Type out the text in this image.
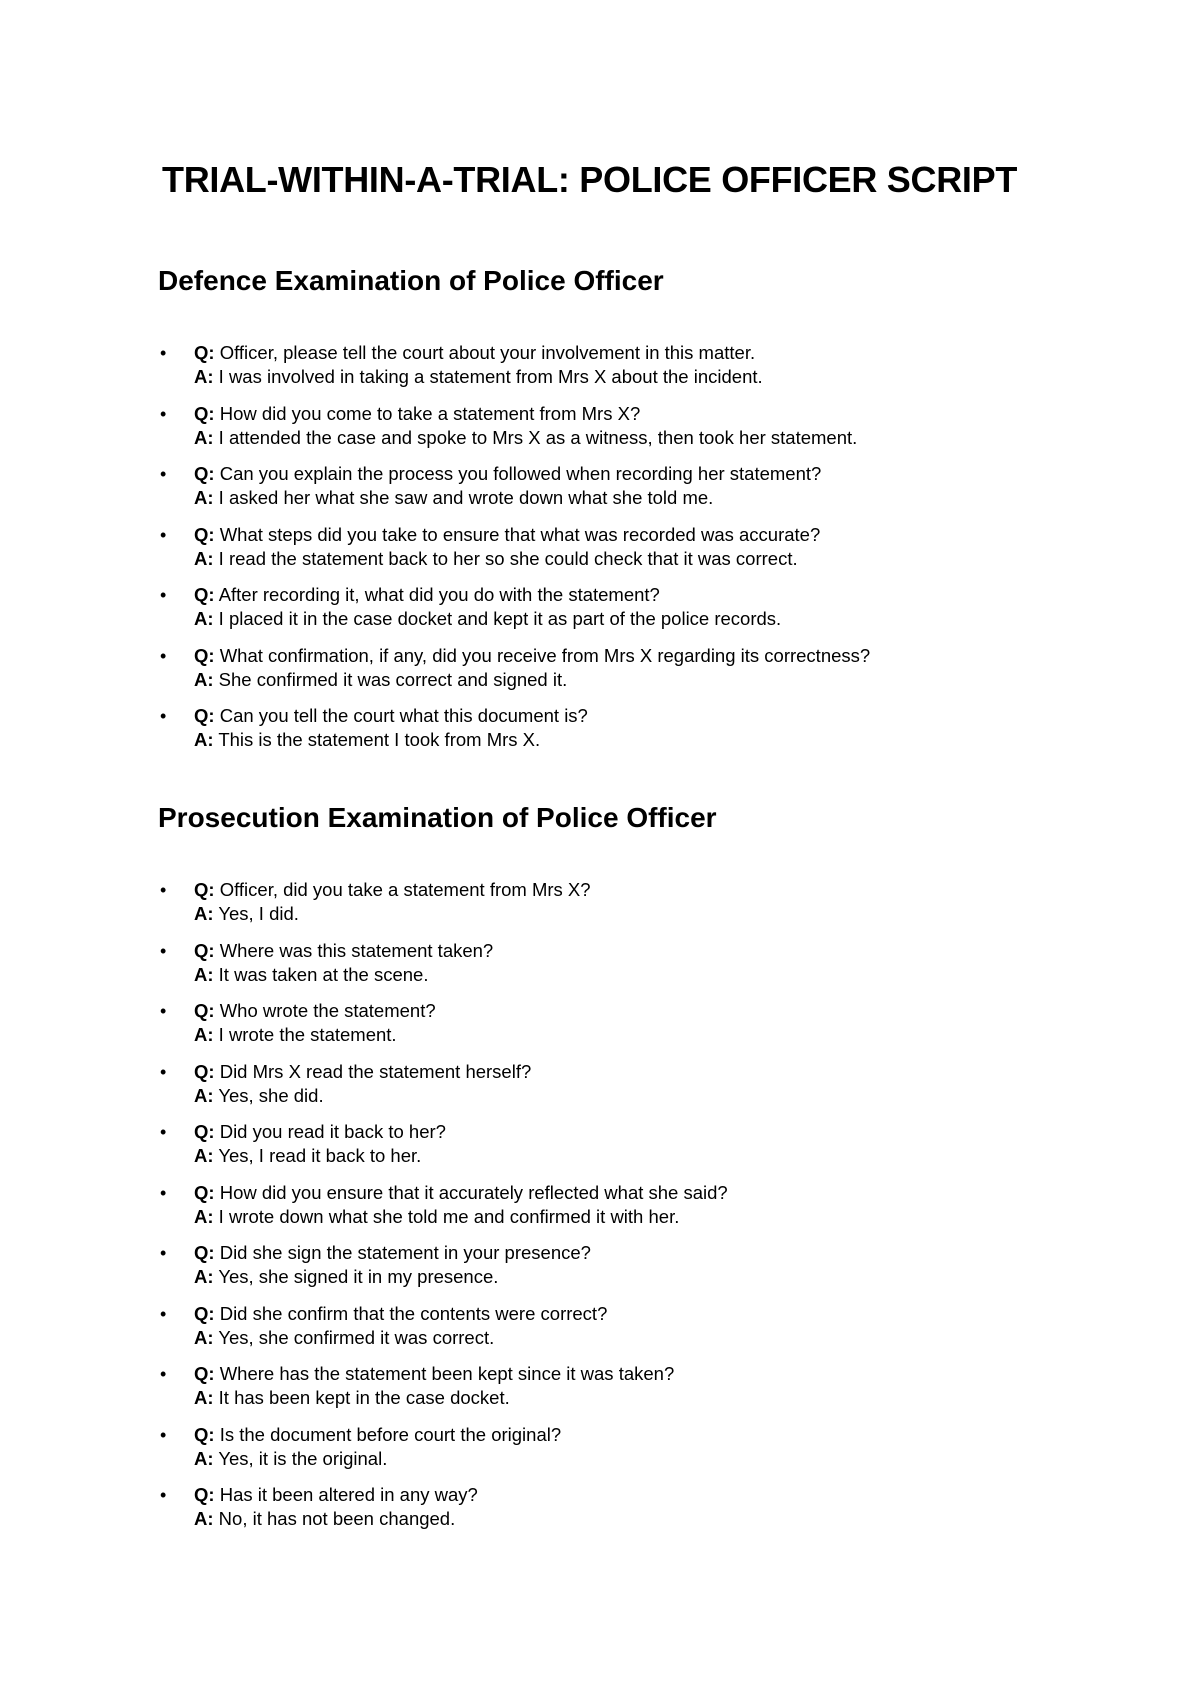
TRIAL-WITHIN-A-TRIAL: POLICE OFFICER SCRIPT
Defence Examination of Police Officer
•	Q: Officer, please tell the court about your involvement in this matter.
A: I was involved in taking a statement from Mrs X about the incident.
•	Q: How did you come to take a statement from Mrs X?
A: I attended the case and spoke to Mrs X as a witness, then took her statement.
•	Q: Can you explain the process you followed when recording her statement?
A: I asked her what she saw and wrote down what she told me.
•	Q: What steps did you take to ensure that what was recorded was accurate?
A: I read the statement back to her so she could check that it was correct.
•	Q: After recording it, what did you do with the statement?
A: I placed it in the case docket and kept it as part of the police records.
•	Q: What confirmation, if any, did you receive from Mrs X regarding its correctness?
A: She confirmed it was correct and signed it.
•	Q: Can you tell the court what this document is?
A: This is the statement I took from Mrs X.
Prosecution Examination of Police Officer
•	Q: Officer, did you take a statement from Mrs X?
A: Yes, I did.
•	Q: Where was this statement taken?
A: It was taken at the scene.
•	Q: Who wrote the statement?
A: I wrote the statement.
•	Q: Did Mrs X read the statement herself?
A: Yes, she did.
•	Q: Did you read it back to her?
A: Yes, I read it back to her.
•	Q: How did you ensure that it accurately reflected what she said?
A: I wrote down what she told me and confirmed it with her.
•	Q: Did she sign the statement in your presence?
A: Yes, she signed it in my presence.
•	Q: Did she confirm that the contents were correct?
A: Yes, she confirmed it was correct.
•	Q: Where has the statement been kept since it was taken?
A: It has been kept in the case docket.
•	Q: Is the document before court the original?
A: Yes, it is the original.
•	Q: Has it been altered in any way?
A: No, it has not been changed.
